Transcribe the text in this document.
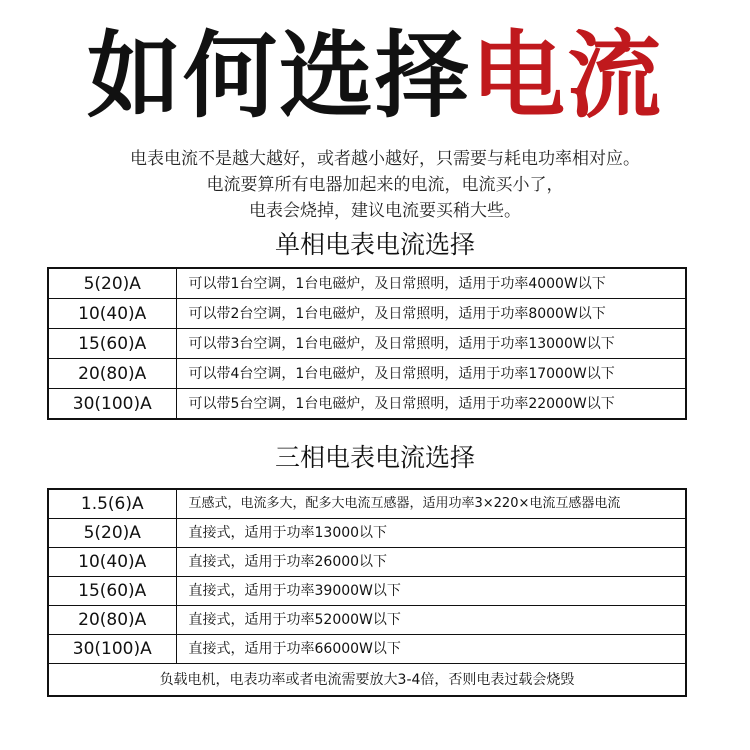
如何选择电流
电表电流不是越大越好，或者越小越好，只需要与耗电功率相对应。
电流要算所有电器加起来的电流，电流买小了，
电表会烧掉，建议电流要买稍大些。
单相电表电流选择
5(20)A	可以带1台空调，1台电磁炉，及日常照明，适用于功率4000W以下
10(40)A	可以带2台空调，1台电磁炉，及日常照明，适用于功率8000W以下
15(60)A	可以带3台空调，1台电磁炉，及日常照明，适用于功率13000W以下
20(80)A	可以带4台空调，1台电磁炉，及日常照明，适用于功率17000W以下
30(100)A	可以带5台空调，1台电磁炉，及日常照明，适用于功率22000W以下
三相电表电流选择
1.5(6)A	互感式，电流多大，配多大电流互感器，适用功率3×220×电流互感器电流
5(20)A	直接式，适用于功率13000以下
10(40)A	直接式，适用于功率26000以下
15(60)A	直接式，适用于功率39000W以下
20(80)A	直接式，适用于功率52000W以下
30(100)A	直接式，适用于功率66000W以下
负载电机，电表功率或者电流需要放大3-4倍，否则电表过载会烧毁	
